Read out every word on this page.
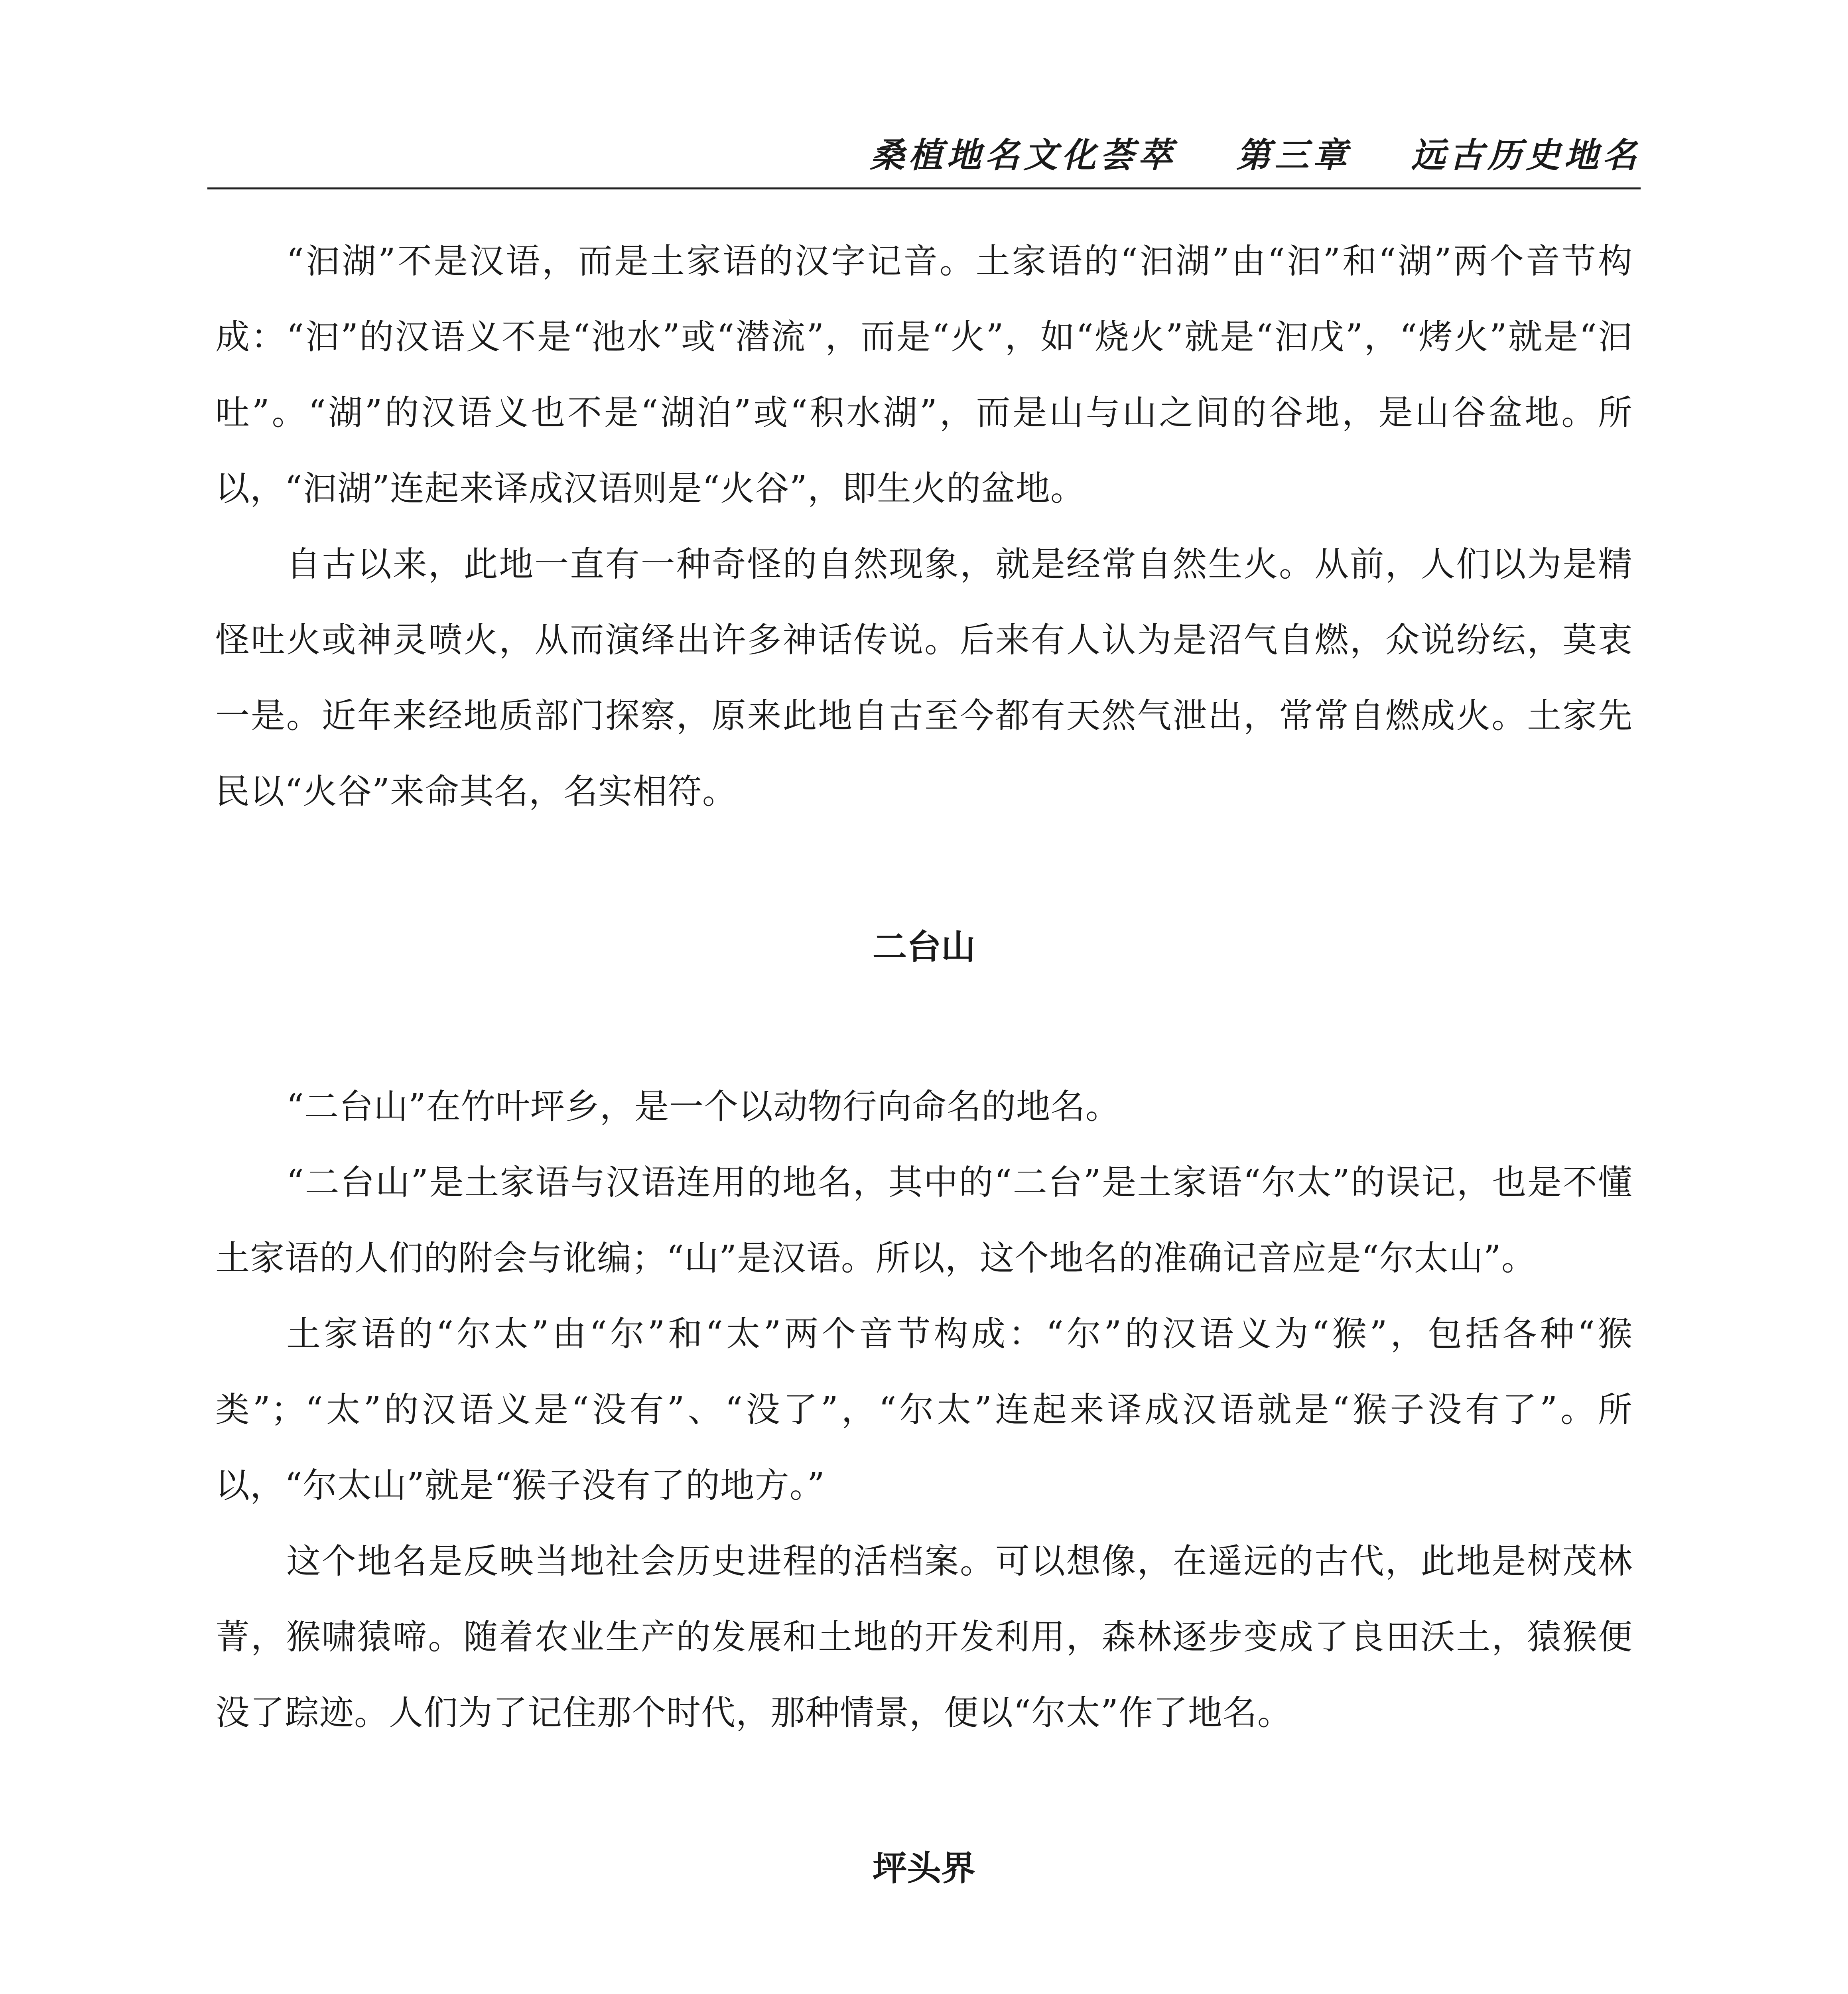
桑植地名文化荟萃 第三章 远古历史地名

“汩湖”不是汉语，而是土家语的汉字记音。土家语的“汩湖”由“汩”和“湖”两个音节构成：“汩”的汉语义不是“池水”或“潜流”，而是“火”，如“烧火”就是“汩戊”，“烤火”就是“汩吐”。“湖”的汉语义也不是“湖泊”或“积水湖”，而是山与山之间的谷地，是山谷盆地。所以，“汩湖”连起来译成汉语则是“火谷”，即生火的盆地。

自古以来，此地一直有一种奇怪的自然现象，就是经常自然生火。从前，人们以为是精怪吐火或神灵喷火，从而演绎出许多神话传说。后来有人认为是沼气自燃，众说纷纭，莫衷一是。近年来经地质部门探察，原来此地自古至今都有天然气泄出，常常自燃成火。土家先民以“火谷”来命其名，名实相符。

二台山

“二台山”在竹叶坪乡，是一个以动物行向命名的地名。

“二台山”是土家语与汉语连用的地名，其中的“二台”是土家语“尔太”的误记，也是不懂土家语的人们的附会与讹编；“山”是汉语。所以，这个地名的准确记音应是“尔太山”。

土家语的“尔太”由“尔”和“太”两个音节构成：“尔”的汉语义为“猴”，包括各种“猴类”；“太”的汉语义是“没有”、“没了”，“尔太”连起来译成汉语就是“猴子没有了”。所以，“尔太山”就是“猴子没有了的地方。”

这个地名是反映当地社会历史进程的活档案。可以想像，在遥远的古代，此地是树茂林菁，猴啸猿啼。随着农业生产的发展和土地的开发利用，森林逐步变成了良田沃土，猿猴便没了踪迹。人们为了记住那个时代，那种情景，便以“尔太”作了地名。

坪头界
